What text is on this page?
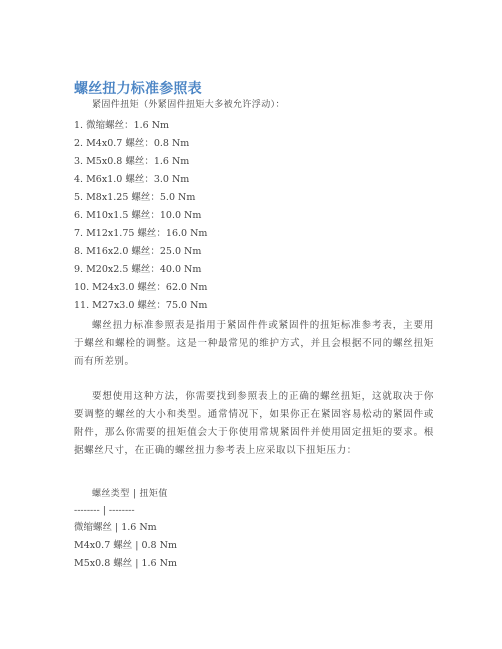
螺丝扭力标准参照表
紧固件扭矩（外紧固件扭矩大多被允许浮动）：
1. 微缩螺丝：1.6 Nm
2. M4x0.7 螺丝：0.8 Nm
3. M5x0.8 螺丝：1.6 Nm
4. M6x1.0 螺丝：3.0 Nm
5. M8x1.25 螺丝：5.0 Nm
6. M10x1.5 螺丝：10.0 Nm
7. M12x1.75 螺丝：16.0 Nm
8. M16x2.0 螺丝：25.0 Nm
9. M20x2.5 螺丝：40.0 Nm
10. M24x3.0 螺丝：62.0 Nm
11. M27x3.0 螺丝：75.0 Nm
螺丝扭力标准参照表是指用于紧固件件或紧固件的扭矩标准参考表，主要用于螺丝和螺栓的调整。这是一种最常见的维护方式，并且会根据不同的螺丝扭矩而有所差别。
要想使用这种方法，你需要找到参照表上的正确的螺丝扭矩，这就取决于你要调整的螺丝的大小和类型。通常情况下，如果你正在紧固容易松动的紧固件或附件，那么你需要的扭矩值会大于你使用常规紧固件并使用固定扭矩的要求。根据螺丝尺寸，在正确的螺丝扭力参考表上应采取以下扭矩压力：
螺丝类型 | 扭矩值
-------- | --------
微缩螺丝 | 1.6 Nm
M4x0.7 螺丝 | 0.8 Nm
M5x0.8 螺丝 | 1.6 Nm
